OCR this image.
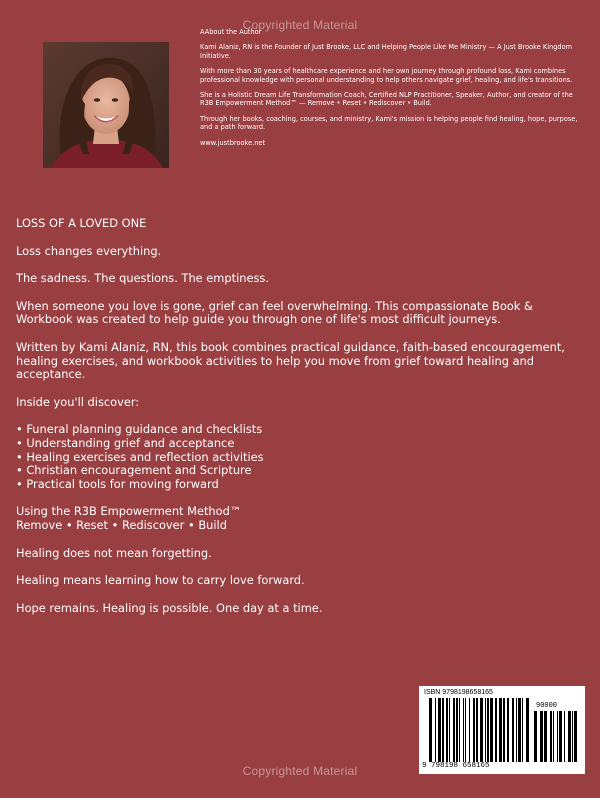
Copyrighted Material

AAbout the Author

Kami Alaniz, RN is the Founder of Just Brooke, LLC and Helping People Like Me Ministry — A Just Brooke Kingdom Initiative.

With more than 30 years of healthcare experience and her own journey through profound loss, Kami combines professional knowledge with personal understanding to help others navigate grief, healing, and life's transitions.

She is a Holistic Dream Life Transformation Coach, Certified NLP Practitioner, Speaker, Author, and creator of the R3B Empowerment Method™ — Remove • Reset • Rediscover • Build.

Through her books, coaching, courses, and ministry, Kami's mission is helping people find healing, hope, purpose, and a path forward.

www.justbrooke.net

LOSS OF A LOVED ONE

Loss changes everything.

The sadness. The questions. The emptiness.

When someone you love is gone, grief can feel overwhelming. This compassionate Book & Workbook was created to help guide you through one of life's most difficult journeys.

Written by Kami Alaniz, RN, this book combines practical guidance, faith-based encouragement, healing exercises, and workbook activities to help you move from grief toward healing and acceptance.

Inside you'll discover:

• Funeral planning guidance and checklists
• Understanding grief and acceptance
• Healing exercises and reflection activities
• Christian encouragement and Scripture
• Practical tools for moving forward

Using the R3B Empowerment Method™
Remove • Reset • Rediscover • Build

Healing does not mean forgetting.

Healing means learning how to carry love forward.

Hope remains. Healing is possible. One day at a time.

ISBN 9798198658165
90000
9 798198 658165
Copyrighted Material
